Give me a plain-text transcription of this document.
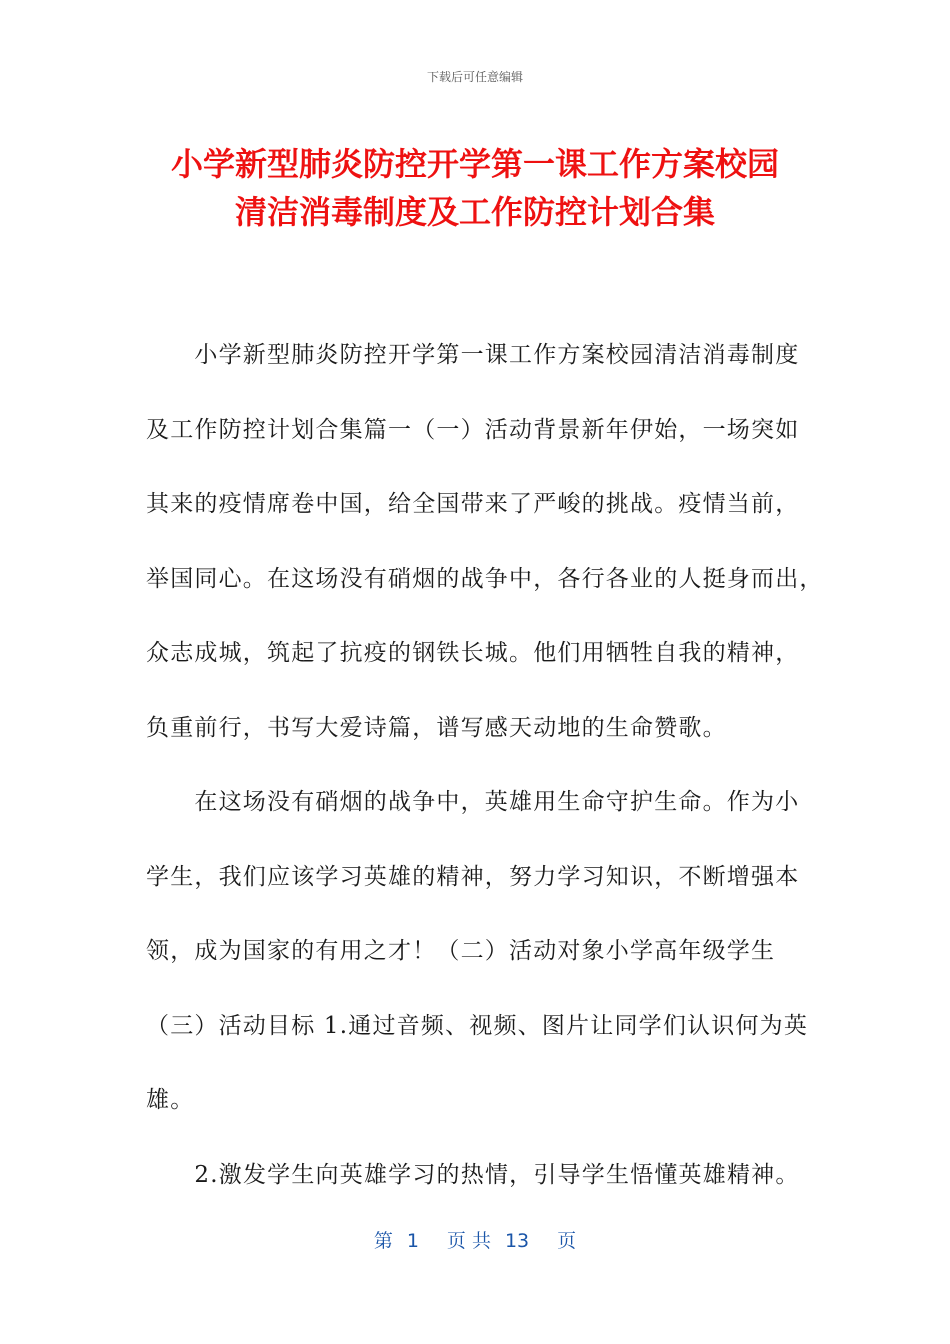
下载后可任意编辑
小学新型肺炎防控开学第一课工作方案校园
清洁消毒制度及工作防控计划合集
　　小学新型肺炎防控开学第一课工作方案校园清洁消毒制度
及工作防控计划合集篇一（一）活动背景新年伊始，一场突如
其来的疫情席卷中国，给全国带来了严峻的挑战。疫情当前，
举国同心。在这场没有硝烟的战争中，各行各业的人挺身而出，
众志成城，筑起了抗疫的钢铁长城。他们用牺牲自我的精神，
负重前行，书写大爱诗篇，谱写感天动地的生命赞歌。
　　在这场没有硝烟的战争中，英雄用生命守护生命。作为小
学生，我们应该学习英雄的精神，努力学习知识，不断增强本
领，成为国家的有用之才！（二）活动对象小学高年级学生
（三）活动目标 1.通过音频、视频、图片让同学们认识何为英
雄。
　　2.激发学生向英雄学习的热情，引导学生悟懂英雄精神。
第 1 页 共 13 页
